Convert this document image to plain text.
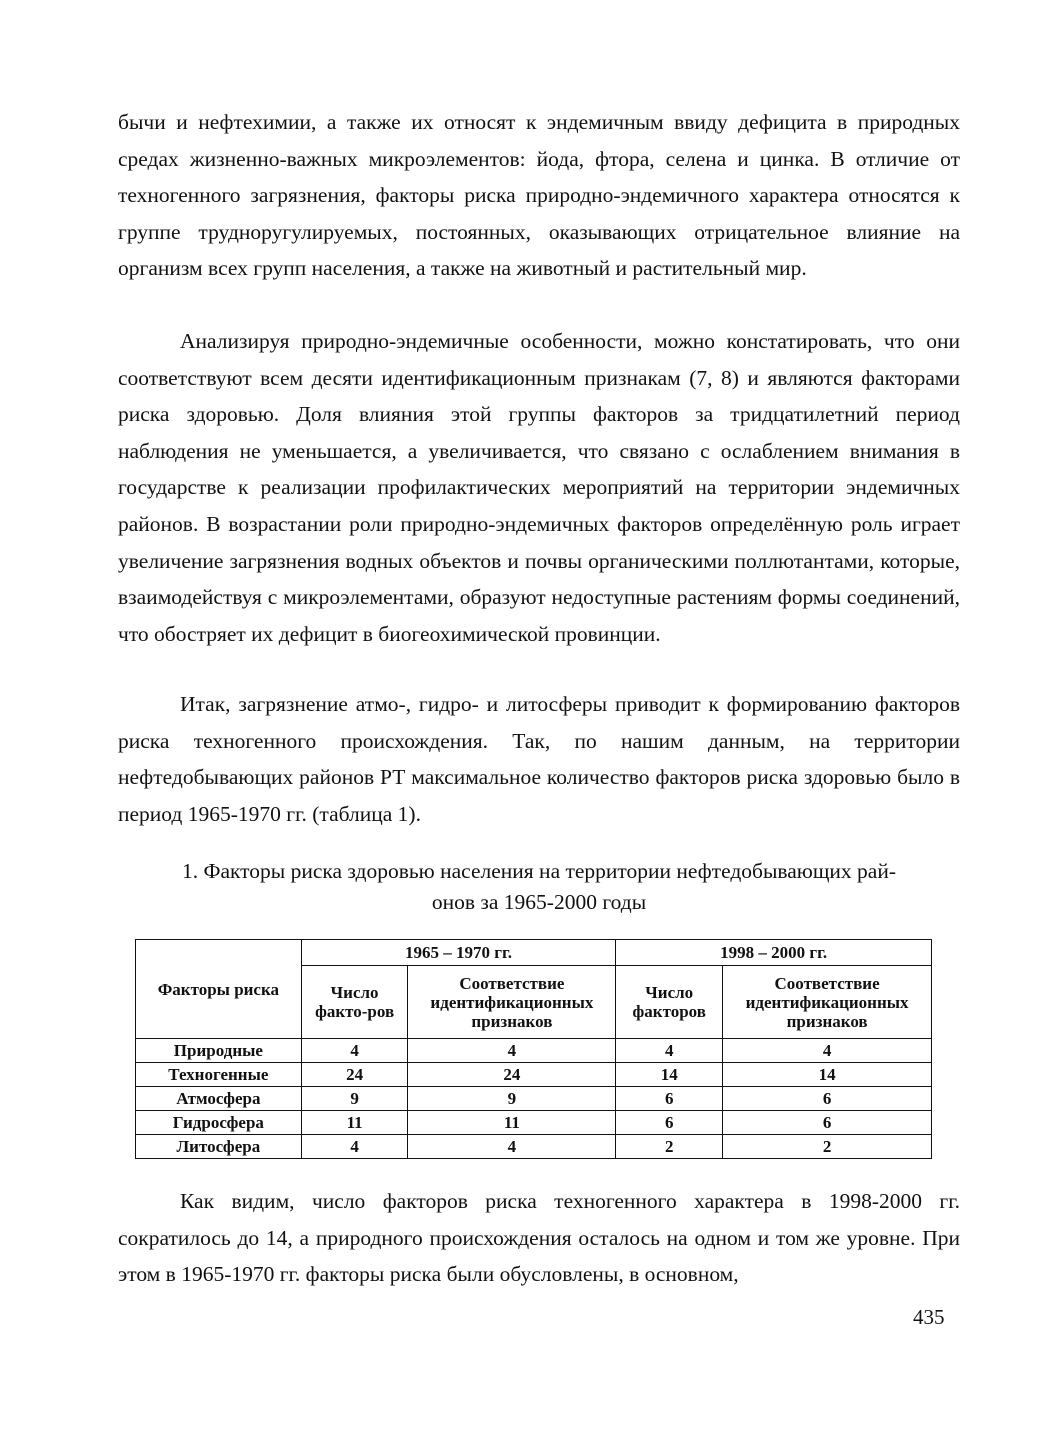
бычи и нефтехимии, а также их относят к эндемичным ввиду дефицита в природных средах жизненно-важных микроэлементов: йода, фтора, селена и цинка. В отличие от техногенного загрязнения, факторы риска природно-эндемичного характера относятся к группе трудноругулируемых, постоянных, оказывающих отрицательное влияние на организм всех групп населения, а также на животный и растительный мир.

Анализируя природно-эндемичные особенности, можно констатировать, что они соответствуют всем десяти идентификационным признакам (7, 8) и являются факторами риска здоровью. Доля влияния этой группы факторов за тридцатилетний период наблюдения не уменьшается, а увеличивается, что связано с ослаблением внимания в государстве к реализации профилактических мероприятий на территории эндемичных районов. В возрастании роли природно-эндемичных факторов определённую роль играет увеличение загрязнения водных объектов и почвы органическими поллютантами, которые, взаимодействуя с микроэлементами, образуют недоступные растениям формы соединений, что обостряет их дефицит в биогеохимической провинции.

Итак, загрязнение атмо-, гидро- и литосферы приводит к формированию факторов риска техногенного происхождения. Так, по нашим данным, на территории нефтедобывающих районов РТ максимальное количество факторов риска здоровью было в период 1965-1970 гг. (таблица 1).

1. Факторы риска здоровью населения на территории нефтедобывающих рай-
онов за 1965-2000 годы

Факторы риска	1965 – 1970 гг.		1998 – 2000 гг.	
	Число факто-ров	Соответствие идентификационных признаков	Число факторов	Соответствие идентификационных признаков
Природные	4	4	4	4
Техногенные	24	24	14	14
Атмосфера	9	9	6	6
Гидросфера	11	11	6	6
Литосфера	4	4	2	2

Как видим, число факторов риска техногенного характера в 1998-2000 гг. сократилось до 14, а природного происхождения осталось на одном и том же уровне. При этом в 1965-1970 гг. факторы риска были обусловлены, в основном,

435
